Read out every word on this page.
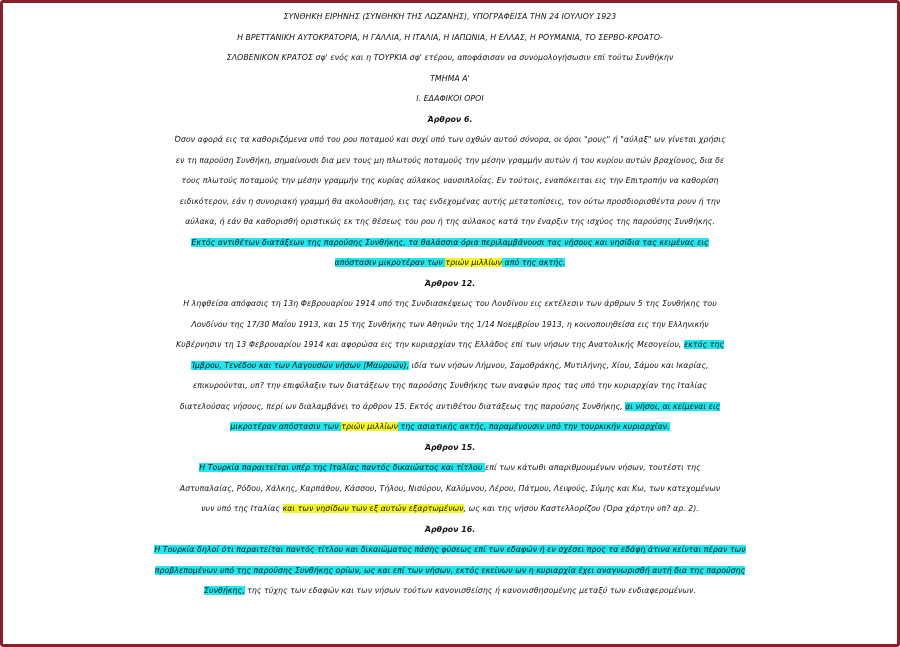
ΣΥΝΘΗΚΗ ΕΙΡΗΝΗΣ (ΣΥΝΘΗΚΗ ΤΗΣ ΛΩΖΑΝΗΣ), ΥΠΟΓΡΑΦΕΙΣΑ ΤΗΝ 24 ΙΟΥΛΙΟΥ 1923
Η ΒΡΕΤΤΑΝΙΚΗ ΑΥΤΟΚΡΑΤΟΡΙΑ, Η ΓΑΛΛΙΑ, Η ΙΤΑΛΙΑ, Η ΙΑΠΩΝΙΑ, Η ΕΛΛΑΣ, Η ΡΟΥΜΑΝΙΑ, ΤΟ ΣΕΡΒΟ-ΚΡΟΑΤΟ-
ΣΛΟΒΕΝΙΚΟΝ ΚΡΑΤΟΣ σφ' ενός και η ΤΟΥΡΚΙΑ σφ' ετέρου, αποφάσισαν να συνομολογήσωσιν επί τούτω Συνθήκην
ΤΜΗΜΑ Α'
Ι. ΕΔΑΦΙΚΟΙ ΟΡΟΙ
Άρθρον 6.
Όσον αφορά εις τα καθοριζόμενα υπό του ρου ποταμού και συχί υπό των οχθών αυτού σύνορα, οι όροι "ρους" ή "αύλαξ" ων γίνεται χρήσις
εν τη παρούση Συνθήκη, σημαίνουσι δια μεν τους μη πλωτούς ποταμούς την μέσην γραμμήν αυτών ή του κυρίου αυτών βραχίονος, δια δε
τους πλωτούς ποταμούς την μέσην γραμμήν της κυρίας αύλακος ναυσιπλοΐας. Εν τούτοις, εναπόκειται εις την Επιτροπήν να καθορίση
ειδικότερον, εάν η συνοριακή γραμμή θα ακολουθήση, εις τας ενδεχομένας αυτής μετατοπίσεις, τον ούτω προσδιορισθέντα ρουν ή την
αύλακα, ή εάν θα καθορισθή οριστικώς εκ της θέσεως του ρου ή της αύλακος κατά την έναρξιν της ισχύος της παρούσης Συνθήκης.
Εκτός αντιθέτων διατάξεων της παρούσης Συνθήκης, τα θαλάσσια όρια περιλαμβάνουσι τας νήσους και νησίδια τας κειμένας εις
απόστασιν μικροτέραν των τριών μιλλίων από της ακτής.
Άρθρον 12.
Η ληφθείσα απόφασις τη 13η Φεβρουαρίου 1914 υπό της Συνδιασκέψεως του Λονδίνου εις εκτέλεσιν των άρθρων 5 της Συνθήκης του
Λονδίνου της 17/30 Μαΐου 1913, και 15 της Συνθήκης των Αθηνών της 1/14 Νοεμβρίου 1913, η κοινοποιηθείσα εις την Ελληνικήν
Κυβέρνησιν τη 13 Φεβρουαρίου 1914 και αφορώσα εις την κυριαρχίαν της Ελλάδος επί των νήσων της Ανατολικής Μεσογείου, εκτός της
Ίμβρου, Τενέδου και των Λαγουσών νήσων (Μαυρυών), ιδία των νήσων Λήμνου, Σαμοθράκης, Μυτιλήνης, Χίου, Σάμου και Ικαρίας,
επικυρούνται, υπ? την επιφύλαξιν των διατάξεων της παρούσης Συνθήκης των αναφών προς τας υπό την κυριαρχίαν της Ιταλίας
διατελούσας νήσους, περί ων διαλαμβάνει το άρθρον 15. Εκτός αντιθέτου διατάξεως της παρούσης Συνθήκης, αι νήσοι, αι κείμεναι εις
μικροτέραν απόστασιν των τριών μιλλίων της ασιατικής ακτής, παραμένουσιν υπό την τουρκικήν κυριαρχίαν.
Άρθρον 15.
Η Τουρκία παραιτείται υπέρ της Ιταλίας παντός δικαιώατος και τίτλου επί των κάτωθι απαριθμουμένων νήσων, τουτέστι της
Αστυπαλαίας, Ρόδου, Χάλκης, Καρπάθου, Κάσσου, Τήλου, Νισύρου, Καλύμνου, Λέρου, Πάτμου, Λειψούς, Σύμης και Κω, των κατεχομένων
νυν υπό της Ιταλίας και των νησίδων των εξ αυτών εξαρτωμένων, ως και της νήσου Καστελλορίζου (Όρα χάρτην υπ? αρ. 2).
Άρθρον 16.
Η Τουρκία δηλοί ότι παραιτείται παντός τίτλου και δικαιώματος πάσης φύσεως επί των εδαφών ή εν σχέσει προς τα εδάφη άτινα κείνται πέραν των
προβλεπομένων υπό της παρούσης Συνθήκης ορίων, ως και επί των νήσων, εκτός εκείνων ων η κυριαρχία έχει αναγνωρισθή αυτή δια της παρούσης
Συνθήκης, της τύχης των εδαφών και των νήσων τούτων κανονισθείσης ή κανονισθησομένης μεταξύ των ενδιαφερομένων.
